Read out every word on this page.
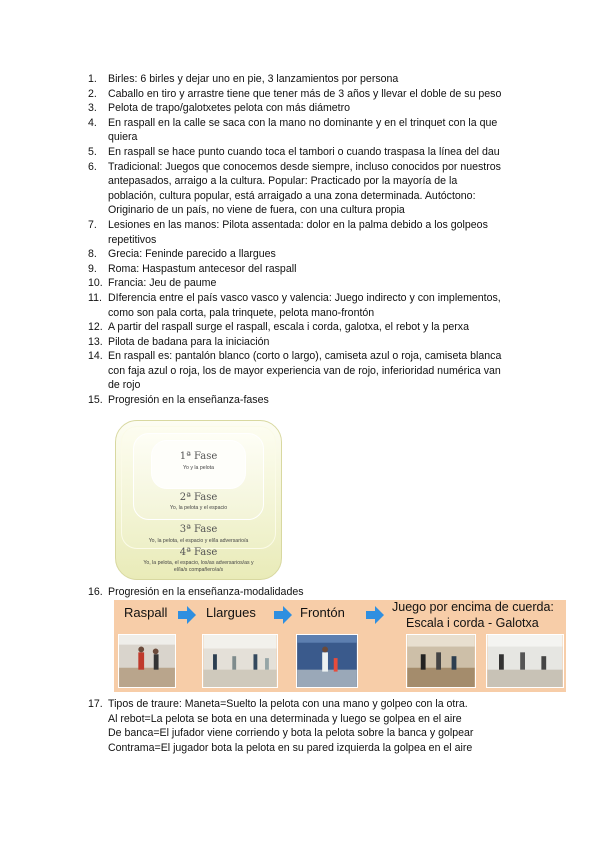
1.	Birles: 6 birles y dejar uno en pie, 3 lanzamientos por persona
2.	Caballo en tiro y arrastre tiene que tener más de 3 años y llevar el doble de su peso
3.	Pelota de trapo/galotxetes pelota con más diámetro
4.	En raspall en la calle se saca con la mano no dominante y en el trinquet con la que
quiera
5.	En raspall se hace punto cuando toca el tambori o cuando traspasa la línea del dau
6.	Tradicional: Juegos que conocemos desde siempre, incluso conocidos por nuestros
antepasados, arraigo a la cultura. Popular: Practicado por la mayoría de la
población, cultura popular, está arraigado a una zona determinada. Autóctono:
Originario de un país, no viene de fuera, con una cultura propia
7.	Lesiones en las manos: Pilota assentada: dolor en la palma debido a los golpeos
repetitivos
8.	Grecia: Feninde parecido a llargues
9.	Roma: Haspastum antecesor del raspall
10. Francia: Jeu de paume
11. DIferencia entre el país vasco vasco y valencia: Juego indirecto y con implementos,
como son pala corta, pala trinquete, pelota mano-frontón
12. A partir del raspall surge el raspall, escala i corda, galotxa, el rebot y la perxa
13. Pilota de badana para la iniciación
14. En raspall es: pantalón blanco (corto o largo), camiseta azul o roja, camiseta blanca
con faja azul o roja, los de mayor experiencia van de rojo, inferioridad numérica van
de rojo
15. Progresión en la enseñanza-fases
1ª Fase
Yo y la pelota
2ª Fase
Yo, la pelota y el espacio
3ª Fase
Yo, la pelota, el espacio y el/la adversario/a
4ª Fase
Yo, la pelota, el espacio, los/as adversarios/as y
el/la/s compañero/a/s
16. Progresión en la enseñanza-modalidades
Raspall	Llargues	Frontón	Juego por encima de cuerda:
Escala i corda - Galotxa
17. Tipos de traure: Maneta=Suelto la pelota con una mano y golpeo con la otra.
Al rebot=La pelota se bota en una determinada y luego se golpea en el aire
De banca=El jufador viene corriendo y bota la pelota sobre la banca y golpear
Contrama=El jugador bota la pelota en su pared izquierda la golpea en el aire
